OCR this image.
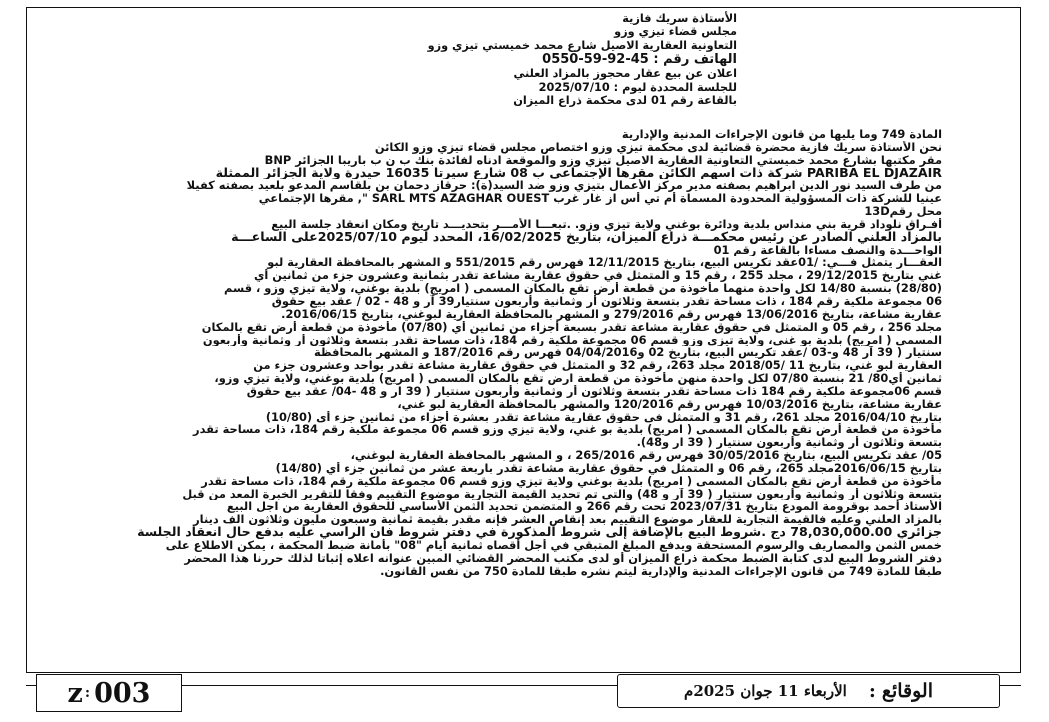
الأستاذة سريك فازية
مجلس قضاء تيزي وزو
التعاونية العقارية الاصيل شارع محمد خميستي تيزي وزو
الهاتف رقم : 45-92-59-0550
اعلان عن بيع عقار محجوز بالمزاد العلني
للجلسة المحددة ليوم : 2025/07/10
بالقاعة رقم 01 لدى محكمة ذراع الميزان
المادة 749 وما يليها من قانون الإجراءات المدنية والإدارية
نحن الأستاذة سريك فازية محضرة قضائية لدى محكمة تيزي وزو اختصاص مجلس قضاء تيزي وزو الكائن
مقر مكتبها بشارع محمد خميستي التعاونية العقارية الاصيل تيزي وزو والموقعة ادناه لفائدة بنك ب ن ب باريبا الجزائر BNP
PARIBA EL DJAZAIR شركة ذات اسهم الكائن مقرها الإجتماعي ب 08 شارع سيرتا 16035 حيدرة ولاية الجزائر الممثلة
من طرف السيد نور الدين ابراهيم بصفته مدير مركز الأعمال بتيزي وزو ضد السيد(ة): حرقاز دحمان بن بلقاسم المدعو بلعيد بصفته كفيلا
عينيا للشركة ذات المسؤولية المحدودة المسماة أم تي أس از غار غرب SARL MTS AZAGHAR OUEST ", مقرها الإجتماعي
محل رقم13D
أفـراق نلوداد قرية بني منداس بلدية ودائرة بوغني ولاية تيزي وزو. .تبعـــا الأمـــر بتحديـــد تاريخ ومكان انعقاد جلسة البيع
بالمزاد العلني الصادر عن رئيس محكمـــة ذراع الميزان، بتاريخ 16/02/2025، المحدد ليوم 2025/07/10على الساعـــة
الواحـــدة والنصف مساءا بالقاعة رقم 01
العقـــار يتمثل فـــي: /01عقد تكريس البيع، بتاريخ 12/11/2015 فهرس رقم 551/2015 و المشهر بالمحافظة العقارية لبو
غني بتاريخ 29/12/2015 ، مجلد 255 ، رقم 15 و المتمثل في حقوق عقارية مشاعة تقدر بثمانية وعشرون جزء من ثمانين أي
(28/80) بنسبة 14/80 لكل واحدة منهما مأخوذة من قطعة أرض تقع بالمكان المسمى ( امريج) بلدية بوغني، ولاية تيزي وزو ، قسم
06 مجموعة ملكية رقم 184 ، ذات مساحة تقدر بتسعة وثلاثون أر وثمانية وأربعون سنتيار39 آر و 48 - 02 / عقد بيع حقوق
عقارية مشاعة، بتاريخ 13/06/2016 فهرس رقم 279/2016 و المشهر بالمحافظة العقارية لبوغني، بتاريخ 2016/06/15.
مجلد 256 ، رقم 05 و المتمثل في حقوق عقارية مشاعة تقدر بسبعة أجزاء من ثمانين أي (07/80) مأخوذة من قطعة أرض تقع بالمكان
المسمى ( امريج) بلدية بو غني، ولاية تيزي وزو قسم 06 مجموعة ملكية رقم 184، ذات مساحة تقدر بتسعة وثلاثون أر وثمانية وأربعون
سنتيار ( 39 آر 48 و-03 /عقد تكريس البيع، بتاريخ 02 و04/04/2016 فهرس رقم 187/2016 و المشهر بالمحافظة
العقارية لبو غني، بتاريخ 11 /2018/05 مجلد 263، رقم 32 و المتمثل في حقوق عقارية مشاعة تقدر بواحد وعشرون جزء من
ثمانين أي80/ 21 بنسبة 07/80 لكل واحدة منهن مأخوذة من قطعة ارض تقع بالمكان المسمى ( امريج) بلدية بوغني، ولاية تيزي وزو،
قسم 06مجموعة ملكية رقم 184 ذات مساحة تقدر بتسعة وثلاثون أر وثمانية وأربعون سنتيار ( 39 ار و 48 -04/ عقد بيع حقوق
عقارية مشاعة، بتاريخ 10/03/2016 فهرس رقم 120/2016 والمشهر بالمحافظة العقارية لبو غني،
بتاريخ 2016/04/10 مجلد 261، رقم 31 و المتمثل في حقوق عقارية مشاعة تقدر بعشرة أجزاء من ثمانين جزء أي (10/80)
مأخوذة من قطعة أرض تقع بالمكان المسمى ( امريج) بلدية بو غني، ولاية تيزي وزو قسم 06 مجموعة ملكية رقم 184، ذات مساحة تقدر
بتسعة وثلاثون أر وثمانية وأربعون سنتيار ( 39 ار و48).
05/ عقد تكريس البيع، بتاريخ 30/05/2016 فهرس رقم 265/2016 ، و المشهر بالمحافظة العقارية لبوغني،
بتاريخ 2016/06/15مجلد 265، رقم 06 و المتمثل في حقوق عقارية مشاعة تقدر باربعة عشر من ثمانين جزء أي (14/80)
مأخوذة من قطعة أرض تقع بالمكان المسمى ( امريج) بلدية بوغني ولاية تيزي وزو قسم 06 مجموعة ملكية رقم 184، ذات مساحة تقدر
بتسعة وثلاثون أر وثمانية وأربعون سنتيار ( 39 آر و 48) والتي تم تحديد القيمة التجارية موضوع التقييم وفقا للتقرير الخبرة المعد من قبل
الأستاذ أحمد بوقرومة المودع بتاريخ 2023/07/31 تحت رقم 266 و المتضمن تحديد الثمن الأساسي للحقوق العقارية من اجل البيع
بالمزاد العلني وعليه فالقيمة التجارية للعقار موضوع التقييم بعد إنقاص العشر فإنه مقدر بقيمة ثمانية وسبعون مليون وثلاثون الف دينار
جزائري 78,030,000.00 دج .شروط البيع بالإضافة إلى شروط المذكورة في دفتر شروط فان الراسي عليه بدفع حال انعقاد الجلسة
خمس الثمن والمصاريف والرسوم المستحقة ويدفع المبلغ المتبقي في أجل أقصاه ثمانية أيام "08" بأمانة ضبط المحكمة ، يمكن الاطلاع على
دفتر الشروط البيع لدى كتابة الضبط محكمة ذراع الميزان أو لدى مكتب المحضر القضائي المبين عنوانه اعلاه إثباتا لذلك حررنا هذا المحضر
طبقا للمادة 749 من قانون الإجراءات المدنية والإدارية ليتم نشره طبقا للمادة 750 من نفس القانون.
z : 003	الوقائع
:
الأربعاء 11 جوان 2025م
